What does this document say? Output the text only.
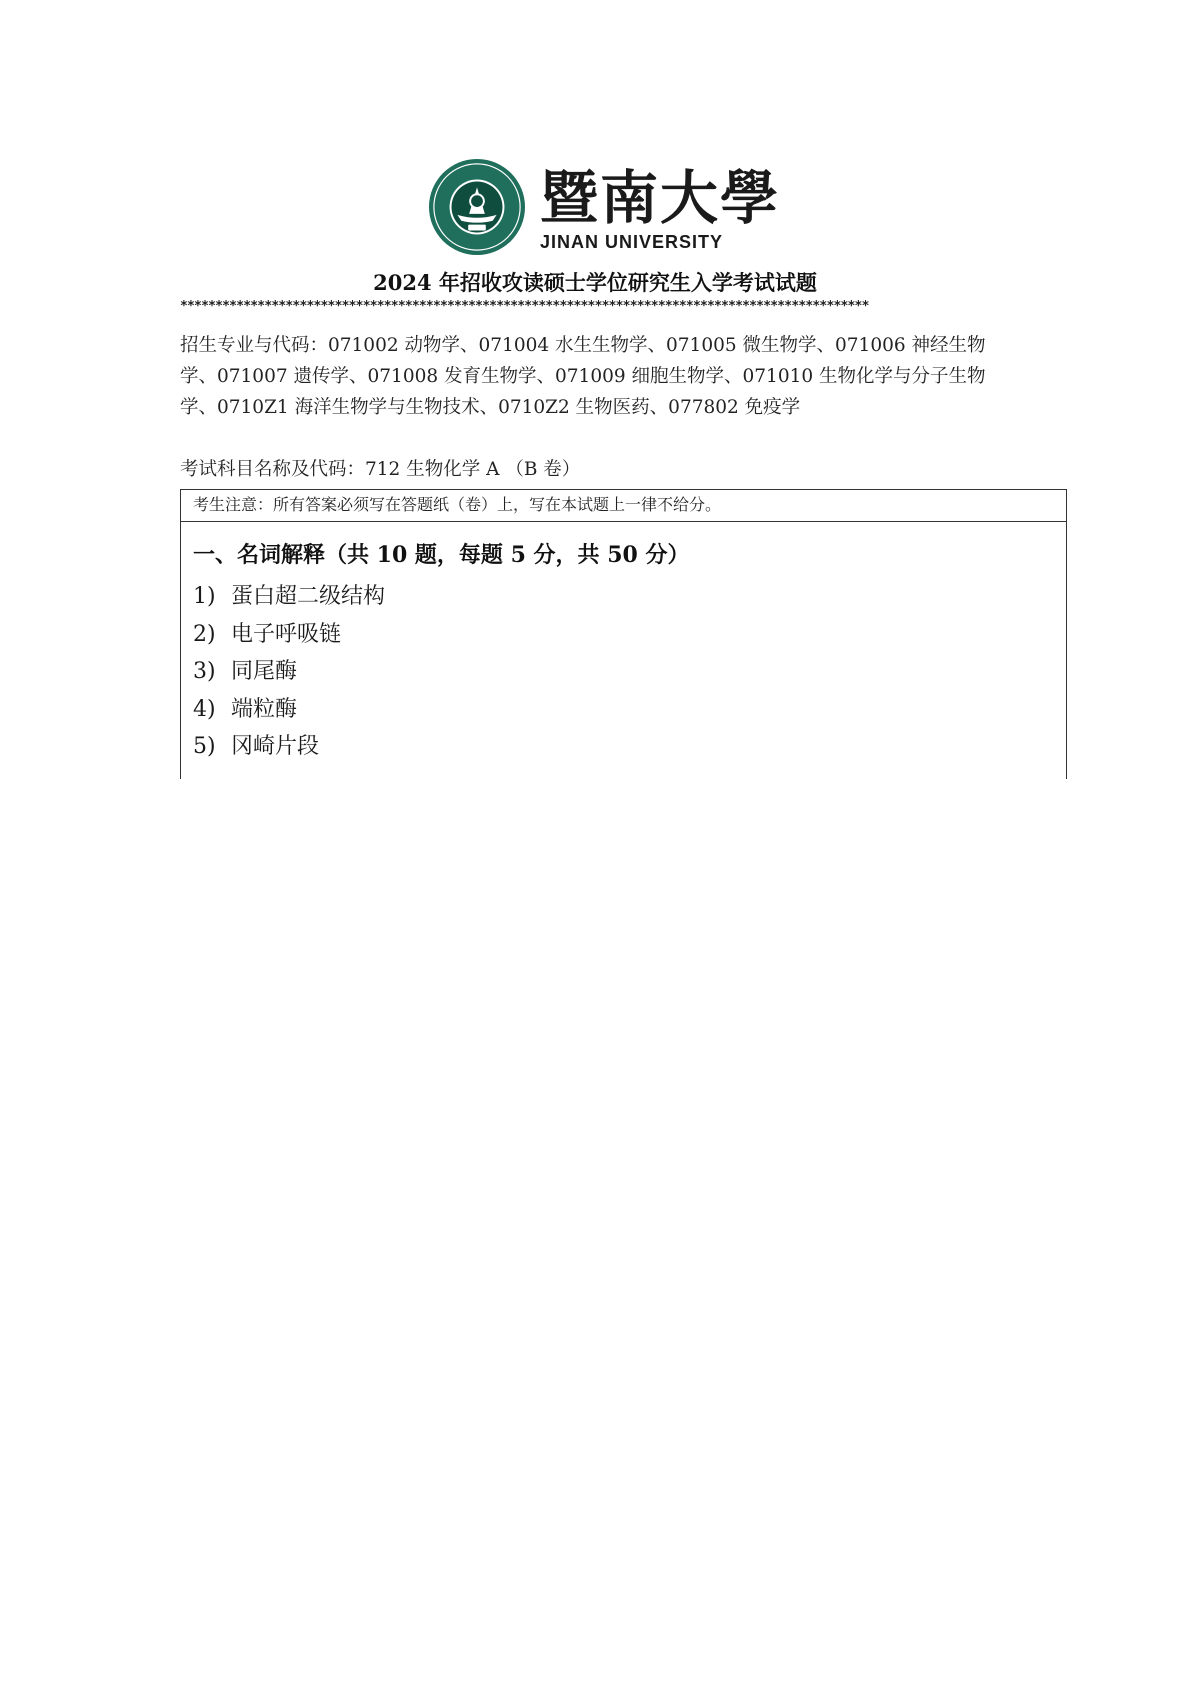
暨南大學
JINAN UNIVERSITY
2024 年招收攻读硕士学位研究生入学考试试题
**************************************************************************************************
招生专业与代码：071002 动物学、071004 水生生物学、071005 微生物学、071006 神经生物学、071007 遗传学、071008 发育生物学、071009 细胞生物学、071010 生物化学与分子生物学、0710Z1 海洋生物学与生物技术、0710Z2 生物医药、077802 免疫学
考试科目名称及代码：712 生物化学 A （B 卷）
考生注意：所有答案必须写在答题纸（卷）上，写在本试题上一律不给分。
一、名词解释（共 10 题，每题 5 分，共 50 分）
1) 蛋白超二级结构
2) 电子呼吸链
3) 同尾酶
4) 端粒酶
5) 冈崎片段
